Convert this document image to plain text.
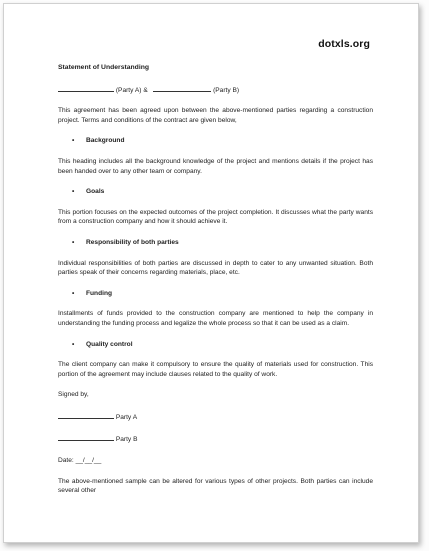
dotxls.org
Statement of Understanding
(Party A) &	(Party B)
This agreement has been agreed upon between the above-mentioned parties regarding a construction project. Terms and conditions of the contract are given below,
• Background
This heading includes all the background knowledge of the project and mentions details if the project has been handed over to any other team or company.
• Goals
This portion focuses on the expected outcomes of the project completion. It discusses what the party wants from a construction company and how it should achieve it.
• Responsibility of both parties
Individual responsibilities of both parties are discussed in depth to cater to any unwanted situation. Both parties speak of their concerns regarding materials, place, etc.
• Funding
Installments of funds provided to the construction company are mentioned to help the company in understanding the funding process and legalize the whole process so that it can be used as a claim.
• Quality control
The client company can make it compulsory to ensure the quality of materials used for construction. This portion of the agreement may include clauses related to the quality of work.
Signed by,
Party A
Party B
Date: __/__/__
The above-mentioned sample can be altered for various types of other projects. Both parties can include several other
